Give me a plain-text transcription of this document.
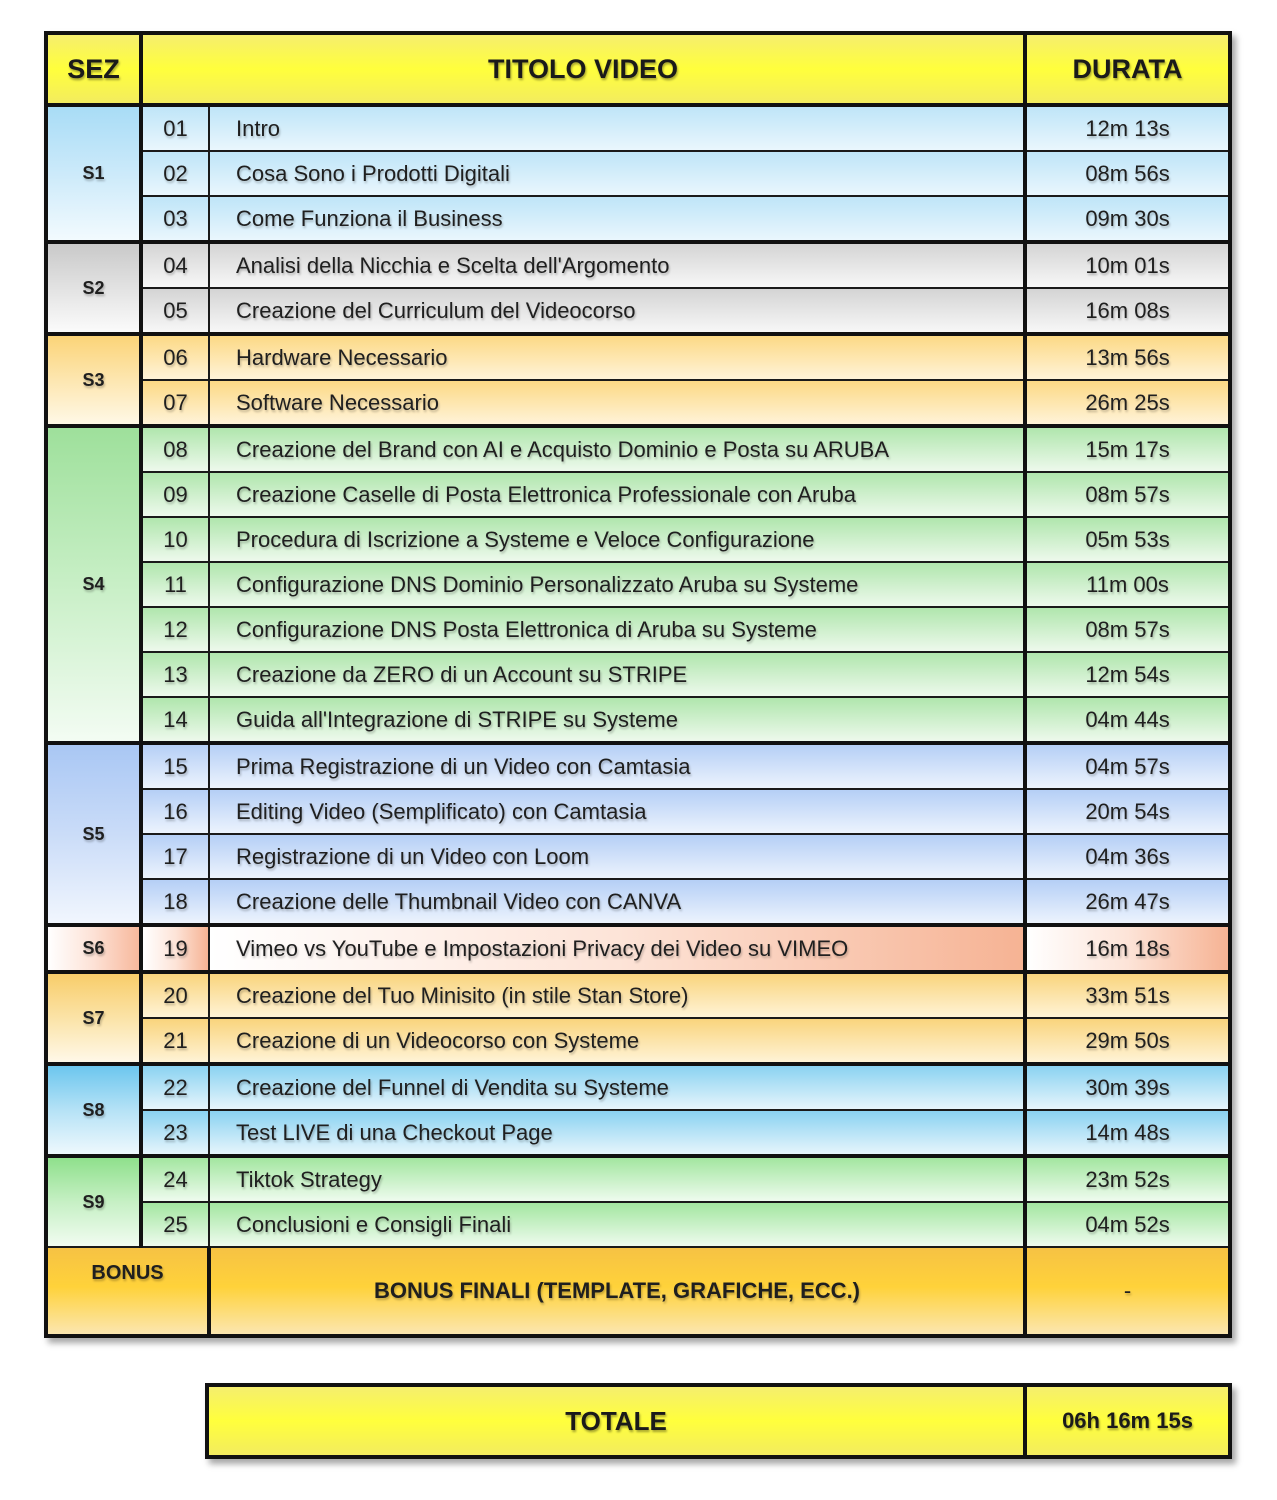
SEZ	TITOLO VIDEO		DURATA
S1	01	Intro	12m 13s
	02	Cosa Sono i Prodotti Digitali	08m 56s
	03	Come Funziona il Business	09m 30s
S2	04	Analisi della Nicchia e Scelta dell'Argomento	10m 01s
	05	Creazione del Curriculum del Videocorso	16m 08s
S3	06	Hardware Necessario	13m 56s
	07	Software Necessario	26m 25s
S4	08	Creazione del Brand con AI e Acquisto Dominio e Posta su ARUBA	15m 17s
	09	Creazione Caselle di Posta Elettronica Professionale con Aruba	08m 57s
	10	Procedura di Iscrizione a Systeme e Veloce Configurazione	05m 53s
	11	Configurazione DNS Dominio Personalizzato Aruba su Systeme	11m 00s
	12	Configurazione DNS Posta Elettronica di Aruba su Systeme	08m 57s
	13	Creazione da ZERO di un Account su STRIPE	12m 54s
	14	Guida all'Integrazione di STRIPE su Systeme	04m 44s
S5	15	Prima Registrazione di un Video con Camtasia	04m 57s
	16	Editing Video (Semplificato) con Camtasia	20m 54s
	17	Registrazione di un Video con Loom	04m 36s
	18	Creazione delle Thumbnail Video con CANVA	26m 47s
S6	19	Vimeo vs YouTube e Impostazioni Privacy dei Video su VIMEO	16m 18s
S7	20	Creazione del Tuo Minisito (in stile Stan Store)	33m 51s
	21	Creazione di un Videocorso con Systeme	29m 50s
S8	22	Creazione del Funnel di Vendita su Systeme	30m 39s
	23	Test LIVE di una Checkout Page	14m 48s
S9	24	Tiktok Strategy	23m 52s
	25	Conclusioni e Consigli Finali	04m 52s
BONUS		BONUS FINALI (TEMPLATE, GRAFICHE, ECC.)	-
TOTALE	06h 16m 15s
